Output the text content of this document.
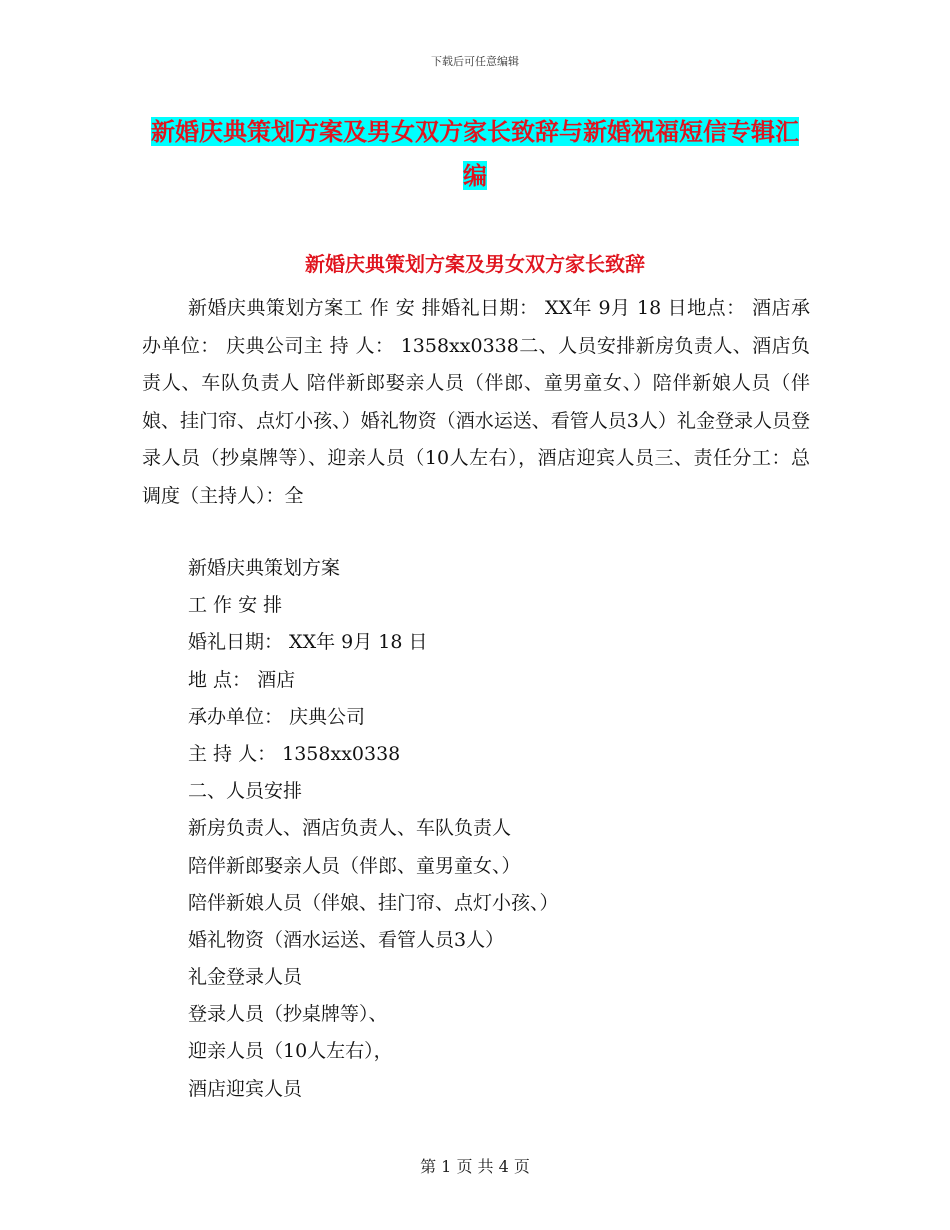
下载后可任意编辑
新婚庆典策划方案及男女双方家长致辞与新婚祝福短信专辑汇编
新婚庆典策划方案及男女双方家长致辞

新婚庆典策划方案工 作 安 排婚礼日期： XX年 9月 18 日地点： 酒店承办单位： 庆典公司主 持 人： 1358xx0338二、人员安排新房负责人、酒店负责人、车队负责人 陪伴新郎娶亲人员（伴郎、童男童女、）陪伴新娘人员（伴娘、挂门帘、点灯小孩、）婚礼物资（酒水运送、看管人员3人）礼金登录人员登录人员（抄桌牌等）、迎亲人员（10人左右），酒店迎宾人员三、责任分工：总调度（主持人）：全

新婚庆典策划方案
工 作 安 排
婚礼日期： XX年 9月 18 日
地 点： 酒店
承办单位： 庆典公司
主 持 人： 1358xx0338
二、人员安排
新房负责人、酒店负责人、车队负责人
陪伴新郎娶亲人员（伴郎、童男童女、）
陪伴新娘人员（伴娘、挂门帘、点灯小孩、）
婚礼物资（酒水运送、看管人员3人）
礼金登录人员
登录人员（抄桌牌等）、
迎亲人员（10人左右），
酒店迎宾人员
第 1 页 共 4 页
